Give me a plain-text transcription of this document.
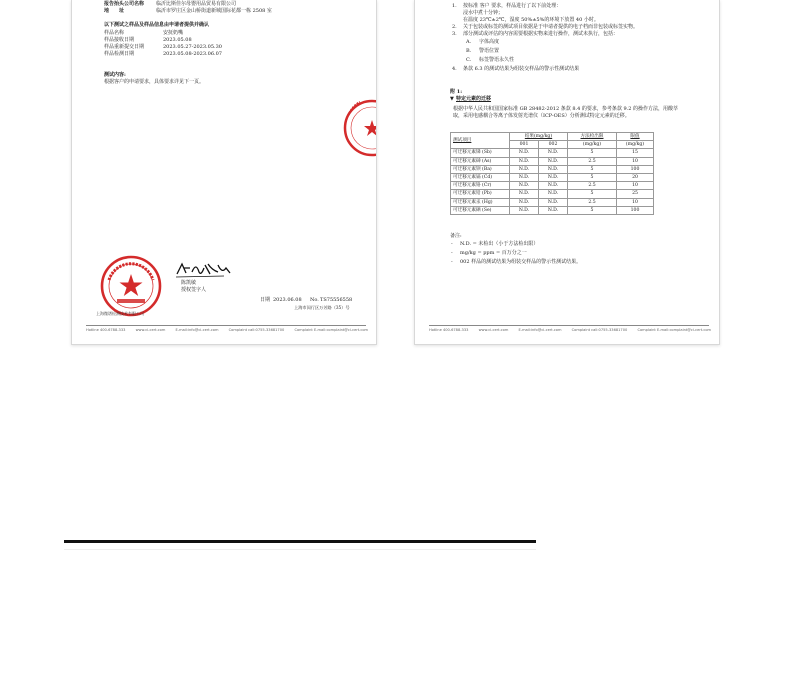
报告抬头公司名称 临沂比斯佳尔母婴用品贸易有限公司
地　　址	临沂市罗庄区金山桥街道新城国际花都一栋 2508 室
以下测试之样品及样品信息由申请者提供并确认
样品名称	安抚奶嘴
样品接收日期	2023.05.08
样品重新提交日期	2023.05.27-2023.05.30
样品检测日期	2023.05.08-2023.06.07
测试内容:
根据客户的申请要求，具体要求详见下一页。
上海微谱检测技术有限公司
陈凯敏
授权签字人
日期 2023.06.08 No. TS75556558
上海市闵行区万芳路（35）号
Hotline 400-6788-333	www.ci-cert.com	E-mail:info@ci-cert.com	Complaint call:0755-33681700	Complaint E-mail:complaint@ci-cert.com
1. 按标准 客户 要求，样品进行了以下前处理：
浸水中煮十分钟；
在温度 23℃±2℃，湿度 50%±5%的环境下放置 40 小时。
2. 关于包装或标签的测试项目依据是于申请者提供的电子档而非包装或标签实物。
3. 部分测试或评估的内容需要根据实物来进行操作，测试未执行，包括：
A. 字体高度
B. 警语位置
C. 标签警语永久性
4. 条款 6.3 的测试结果为组装交样品的警示性测试结果
附 1:
▼ 特定元素的迁移
根据中华人民共和国国家标准 GB 28482-2012 条款 8.4 的要求，参考条款 9.2 的操作方法，用酸萃
取，采用电感耦合等离子体发射光谱仪（ICP-OES）分析测试特定元素的迁移。
测试项目	结果(mg/kg)		方法检出限	限值
	001	002	(mg/kg)	(mg/kg)
可迁移元素锑 (Sb)	N.D.	N.D.	5	15
可迁移元素砷 (As)	N.D.	N.D.	2.5	10
可迁移元素钡 (Ba)	N.D.	N.D.	5	100
可迁移元素镉 (Cd)	N.D.	N.D.	5	20
可迁移元素铬 (Cr)	N.D.	N.D.	2.5	10
可迁移元素铅 (Pb)	N.D.	N.D.	5	25
可迁移元素汞 (Hg)	N.D.	N.D.	2.5	10
可迁移元素硒 (Se)	N.D.	N.D.	5	100
备注:
- N.D. = 未检出（小于方法检出限）
- mg/kg = ppm = 百万分之一
- 002 样品的测试结果为组装交样品的警示性测试结果。
Hotline 400-6788-333	www.ci-cert.com	E-mail:info@ci-cert.com	Complaint call:0755-33681700	Complaint E-mail:complaint@ci-cert.com
